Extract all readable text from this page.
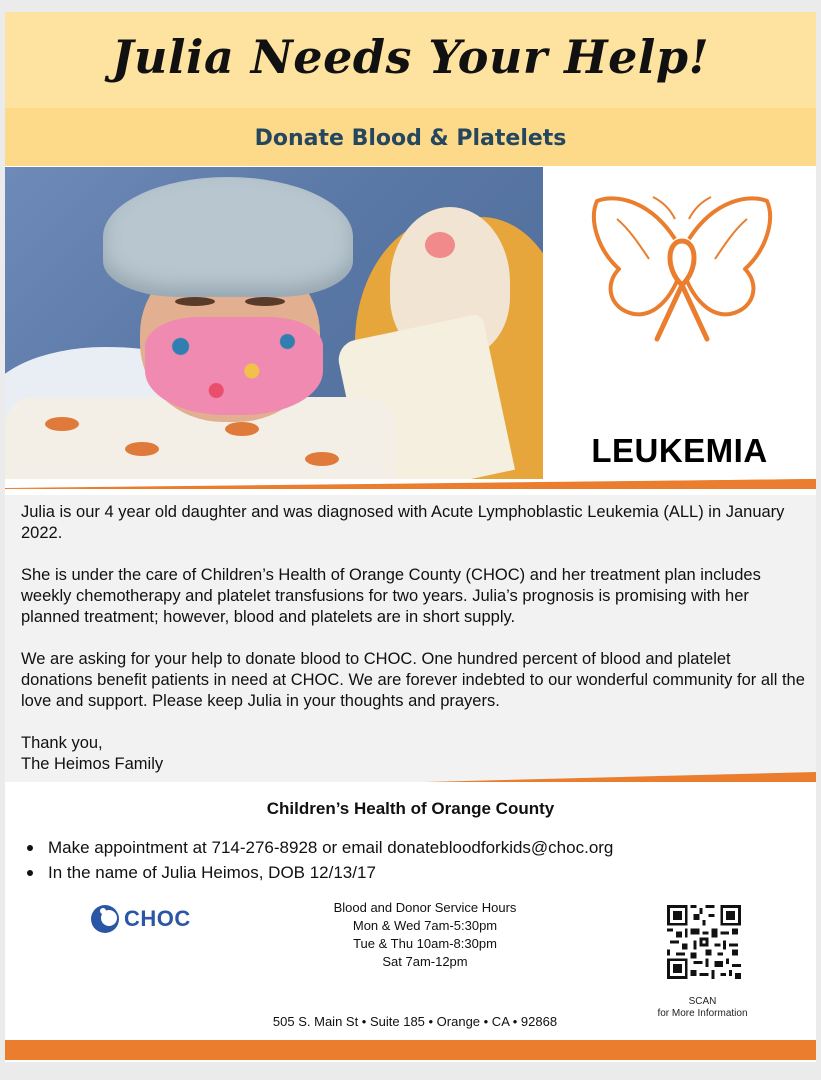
Julia Needs Your Help!
Donate Blood & Platelets
LEUKEMIA

Julia is our 4 year old daughter and was diagnosed with Acute Lymphoblastic Leukemia (ALL) in January 2022.

She is under the care of Children’s Health of Orange County (CHOC) and her treatment plan includes weekly chemotherapy and platelet transfusions for two years. Julia’s prognosis is promising with her planned treatment; however, blood and platelets are in short supply.

We are asking for your help to donate blood to CHOC. One hundred percent of blood and platelet donations benefit patients in need at CHOC. We are forever indebted to our wonderful community for all the love and support. Please keep Julia in your thoughts and prayers.

Thank you,

The Heimos Family

Children’s Health of Orange County
Make appointment at 714-276-8928 or email donatebloodforkids@choc.org
In the name of Julia Heimos, DOB 12/13/17
CHOC	Blood and Donor Service Hours
Mon & Wed 7am-5:30pm
Tue & Thu 10am-8:30pm
Sat 7am-12pm
SCAN
for More Information
505 S. Main St • Suite 185 • Orange • CA • 92868
